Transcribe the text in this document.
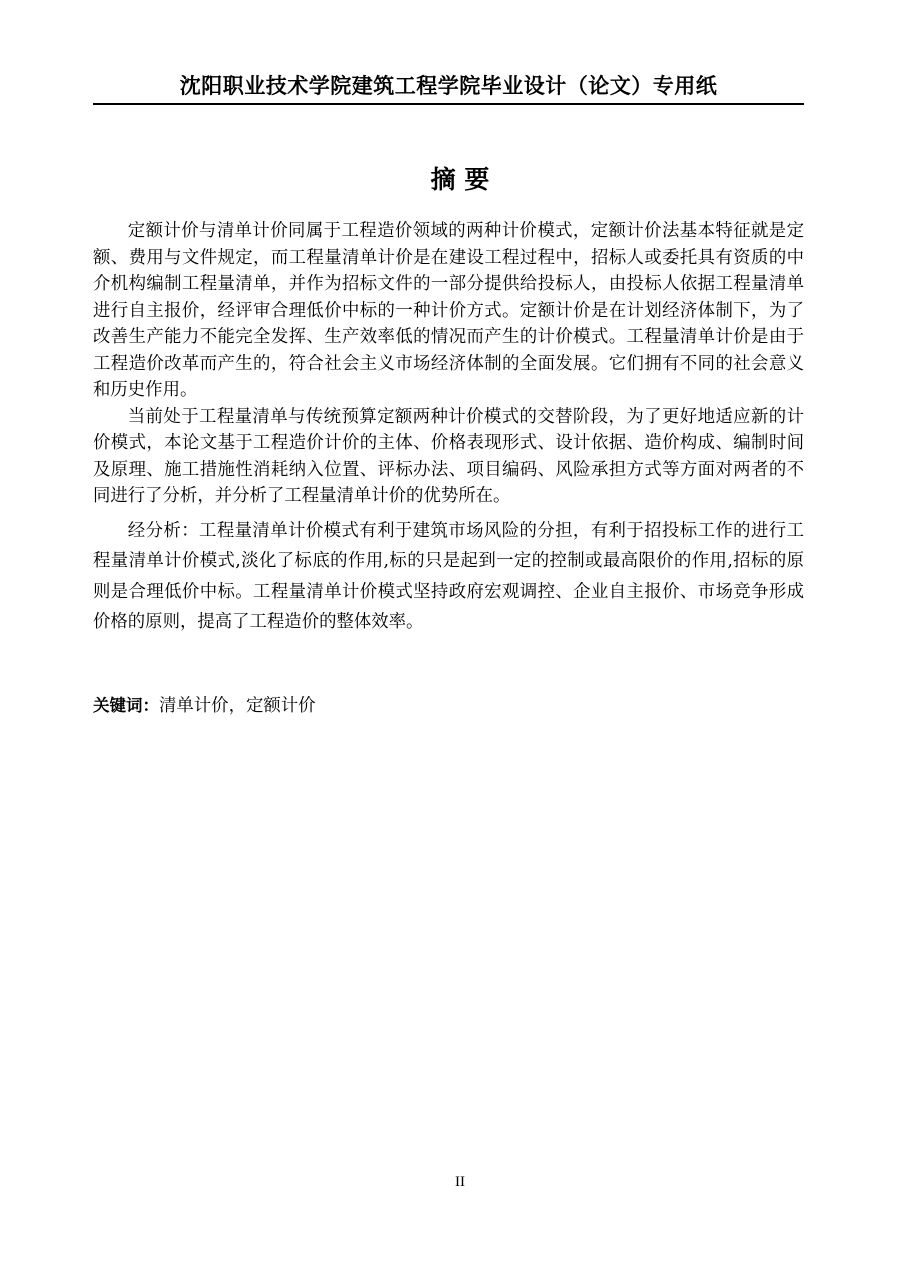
沈阳职业技术学院建筑工程学院毕业设计（论文）专用纸
摘 要

定额计价与清单计价同属于工程造价领域的两种计价模式，定额计价法基本特征就是定额、费用与文件规定，而工程量清单计价是在建设工程过程中，招标人或委托具有资质的中介机构编制工程量清单，并作为招标文件的一部分提供给投标人，由投标人依据工程量清单进行自主报价，经评审合理低价中标的一种计价方式。定额计价是在计划经济体制下，为了改善生产能力不能完全发挥、生产效率低的情况而产生的计价模式。工程量清单计价是由于工程造价改革而产生的，符合社会主义市场经济体制的全面发展。它们拥有不同的社会意义和历史作用。

当前处于工程量清单与传统预算定额两种计价模式的交替阶段，为了更好地适应新的计价模式，本论文基于工程造价计价的主体、价格表现形式、设计依据、造价构成、编制时间及原理、施工措施性消耗纳入位置、评标办法、项目编码、风险承担方式等方面对两者的不同进行了分析，并分析了工程量清单计价的优势所在。

经分析：工程量清单计价模式有利于建筑市场风险的分担，有利于招投标工作的进行工程量清单计价模式,淡化了标底的作用,标的只是起到一定的控制或最高限价的作用,招标的原则是合理低价中标。工程量清单计价模式坚持政府宏观调控、企业自主报价、市场竞争形成价格的原则，提高了工程造价的整体效率。

关键词：清单计价，定额计价
II
